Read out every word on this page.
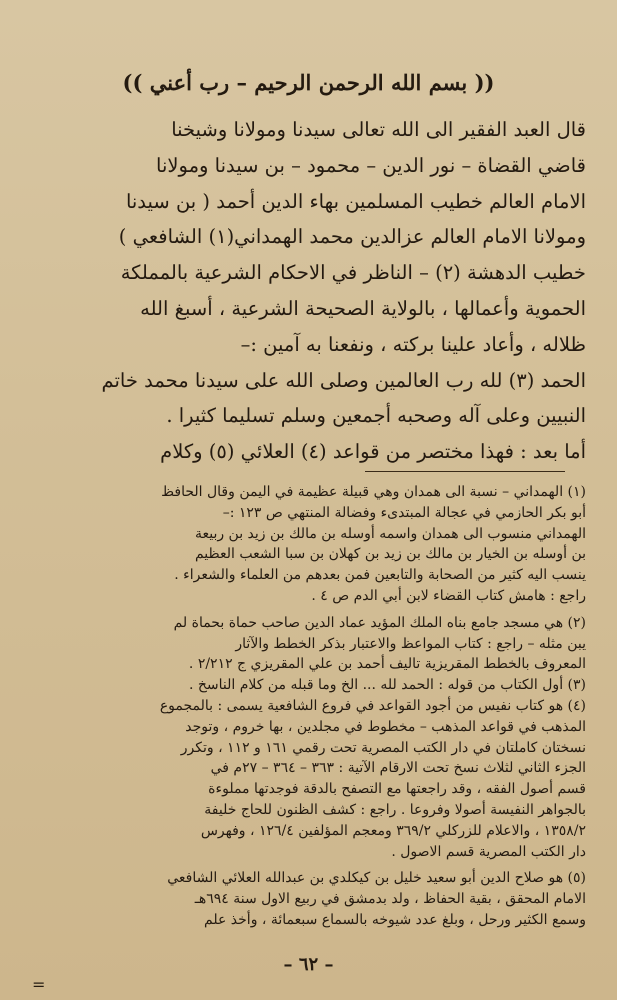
(( بسم الله الرحمن الرحيم – رب أعني ))

قال العبد الفقير الى الله تعالى سيدنا ومولانا وشيخنا

قاضي القضاة – نور الدين – محمود – بن سيدنا ومولانا

الامام العالم خطيب المسلمين بهاء الدين أحمد ( بن سيدنا

ومولانا الامام العالم عزالدين محمد الهمداني(١) الشافعي )

خطيب الدهشة (٢) – الناظر في الاحكام الشرعية بالمملكة

الحموية وأعمالها ، بالولاية الصحيحة الشرعية ، أسبغ الله

ظلاله ، وأعاد علينا بركته ، ونفعنا به آمين :–

الحمد (٣) لله رب العالمين وصلى الله على سيدنا محمد خاتم

النبيين وعلى آله وصحبه أجمعين وسلم تسليما كثيرا .

أما بعد : فهذا مختصر من قواعد (٤) العلائي (٥) وكلام

(١) الهمداني – نسبة الى همدان وهي قبيلة عظيمة في اليمن وقال الحافظ

أبو بكر الحازمي في عجالة المبتدىء وفضالة المنتهي ص ١٢٣ :–

الهمداني منسوب الى همدان واسمه أوسله بن مالك بن زيد بن ربيعة

بن أوسله بن الخيار بن مالك بن زيد بن كهلان بن سبا الشعب العظيم

ينسب اليه كثير من الصحابة والتابعين فمن بعدهم من العلماء والشعراء .

راجع : هامش كتاب القضاء لابن أبي الدم ص ٤ .

(٢) هي مسجد جامع بناه الملك المؤيد عماد الدين صاحب حماة بحماة لم

يبن مثله – راجع : كتاب المواعظ والاعتبار بذكر الخطط والآثار

المعروف بالخطط المقريزية تاليف أحمد بن علي المقريزي ج ٢/٢١٢ .

(٣) أول الكتاب من قوله : الحمد لله ... الخ وما قبله من كلام الناسخ .

(٤) هو كتاب نفيس من أجود القواعد في فروع الشافعية يسمى : بالمجموع

المذهب في قواعد المذهب – مخطوط في مجلدين ، بها خروم ، وتوجد

نسختان كاملتان في دار الكتب المصرية تحت رقمي ١٦١ و ١١٢ ، وتكرر

الجزء الثاني لثلاث نسخ تحت الارقام الآتية : ٣٦٣ – ٣٦٤ – ٢٧م في

قسم أصول الفقه ، وقد راجعتها مع التصفح بالدقة فوجدتها مملوءة

بالجواهر النفيسة أصولا وفروعا . راجع : كشف الظنون للحاج خليفة

١٣٥٨/٢ ، والاعلام للزركلي ٣٦٩/٢ ومعجم المؤلفين ١٢٦/٤ ، وفهرس

دار الكتب المصرية قسم الاصول .

(٥) هو صلاح الدين أبو سعيد خليل بن كيكلدي بن عبدالله العلائي الشافعي

الامام المحقق ، بقية الحفاظ ، ولد بدمشق في ربيع الاول سنة ٦٩٤هـ

وسمع الكثير ورحل ، وبلغ عدد شيوخه بالسماع سبعمائة ، وأخذ علم

– ٦٢ –
=
